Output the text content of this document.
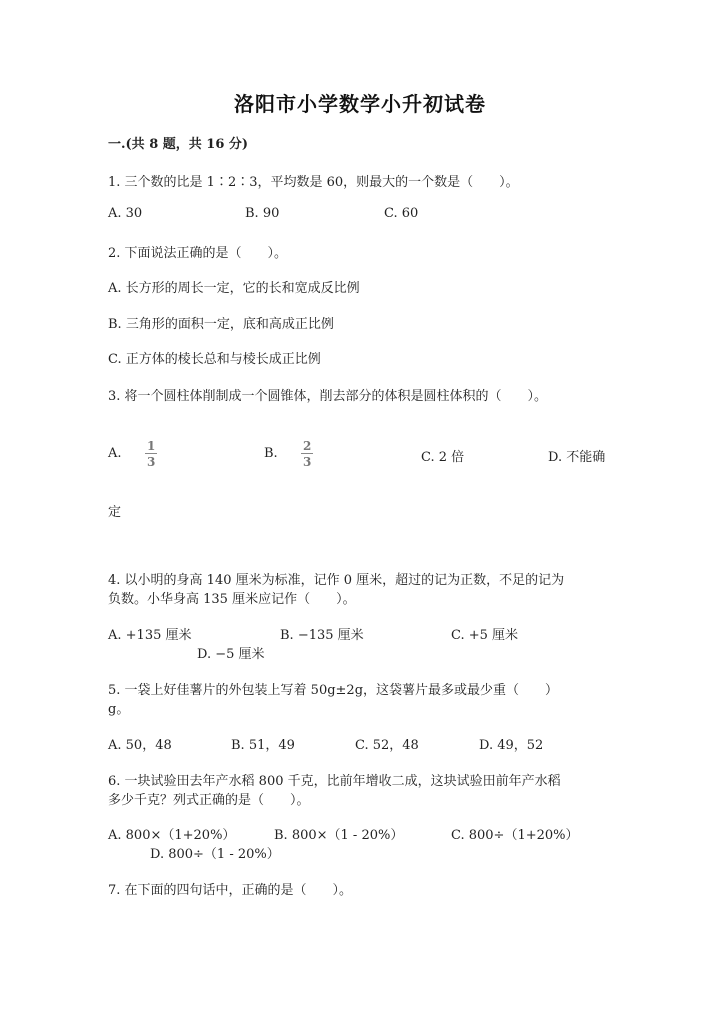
洛阳市小学数学小升初试卷
一.(共 8 题，共 16 分)
1. 三个数的比是 1∶2∶3，平均数是 60，则最大的一个数是（　　）。
A. 30	B. 90	C. 60
2. 下面说法正确的是（　　）。
A. 长方形的周长一定，它的长和宽成反比例
B. 三角形的面积一定，底和高成正比例
C. 正方体的棱长总和与棱长成正比例
3. 将一个圆柱体削制成一个圆锥体，削去部分的体积是圆柱体积的（　　）。
A. $\frac{1}{3}$	B. $\frac{2}{3}$	C. 2 倍	D. 不能确
定
4. 以小明的身高 140 厘米为标准，记作 0 厘米，超过的记为正数，不足的记为
负数。小华身高 135 厘米应记作（　　）。
A. +135 厘米	B. −135 厘米	C. +5 厘米
D. −5 厘米
5. 一袋上好佳薯片的外包装上写着 50g±2g，这袋薯片最多或最少重（　　）
g。
A. 50，48	B. 51，49	C. 52，48	D. 49，52
6. 一块试验田去年产水稻 800 千克，比前年增收二成，这块试验田前年产水稻
多少千克？列式正确的是（　　）。
A. 800×（1+20%）	B. 800×（1 - 20%）	C. 800÷（1+20%）
D. 800÷（1 - 20%）
7. 在下面的四句话中，正确的是（　　）。
